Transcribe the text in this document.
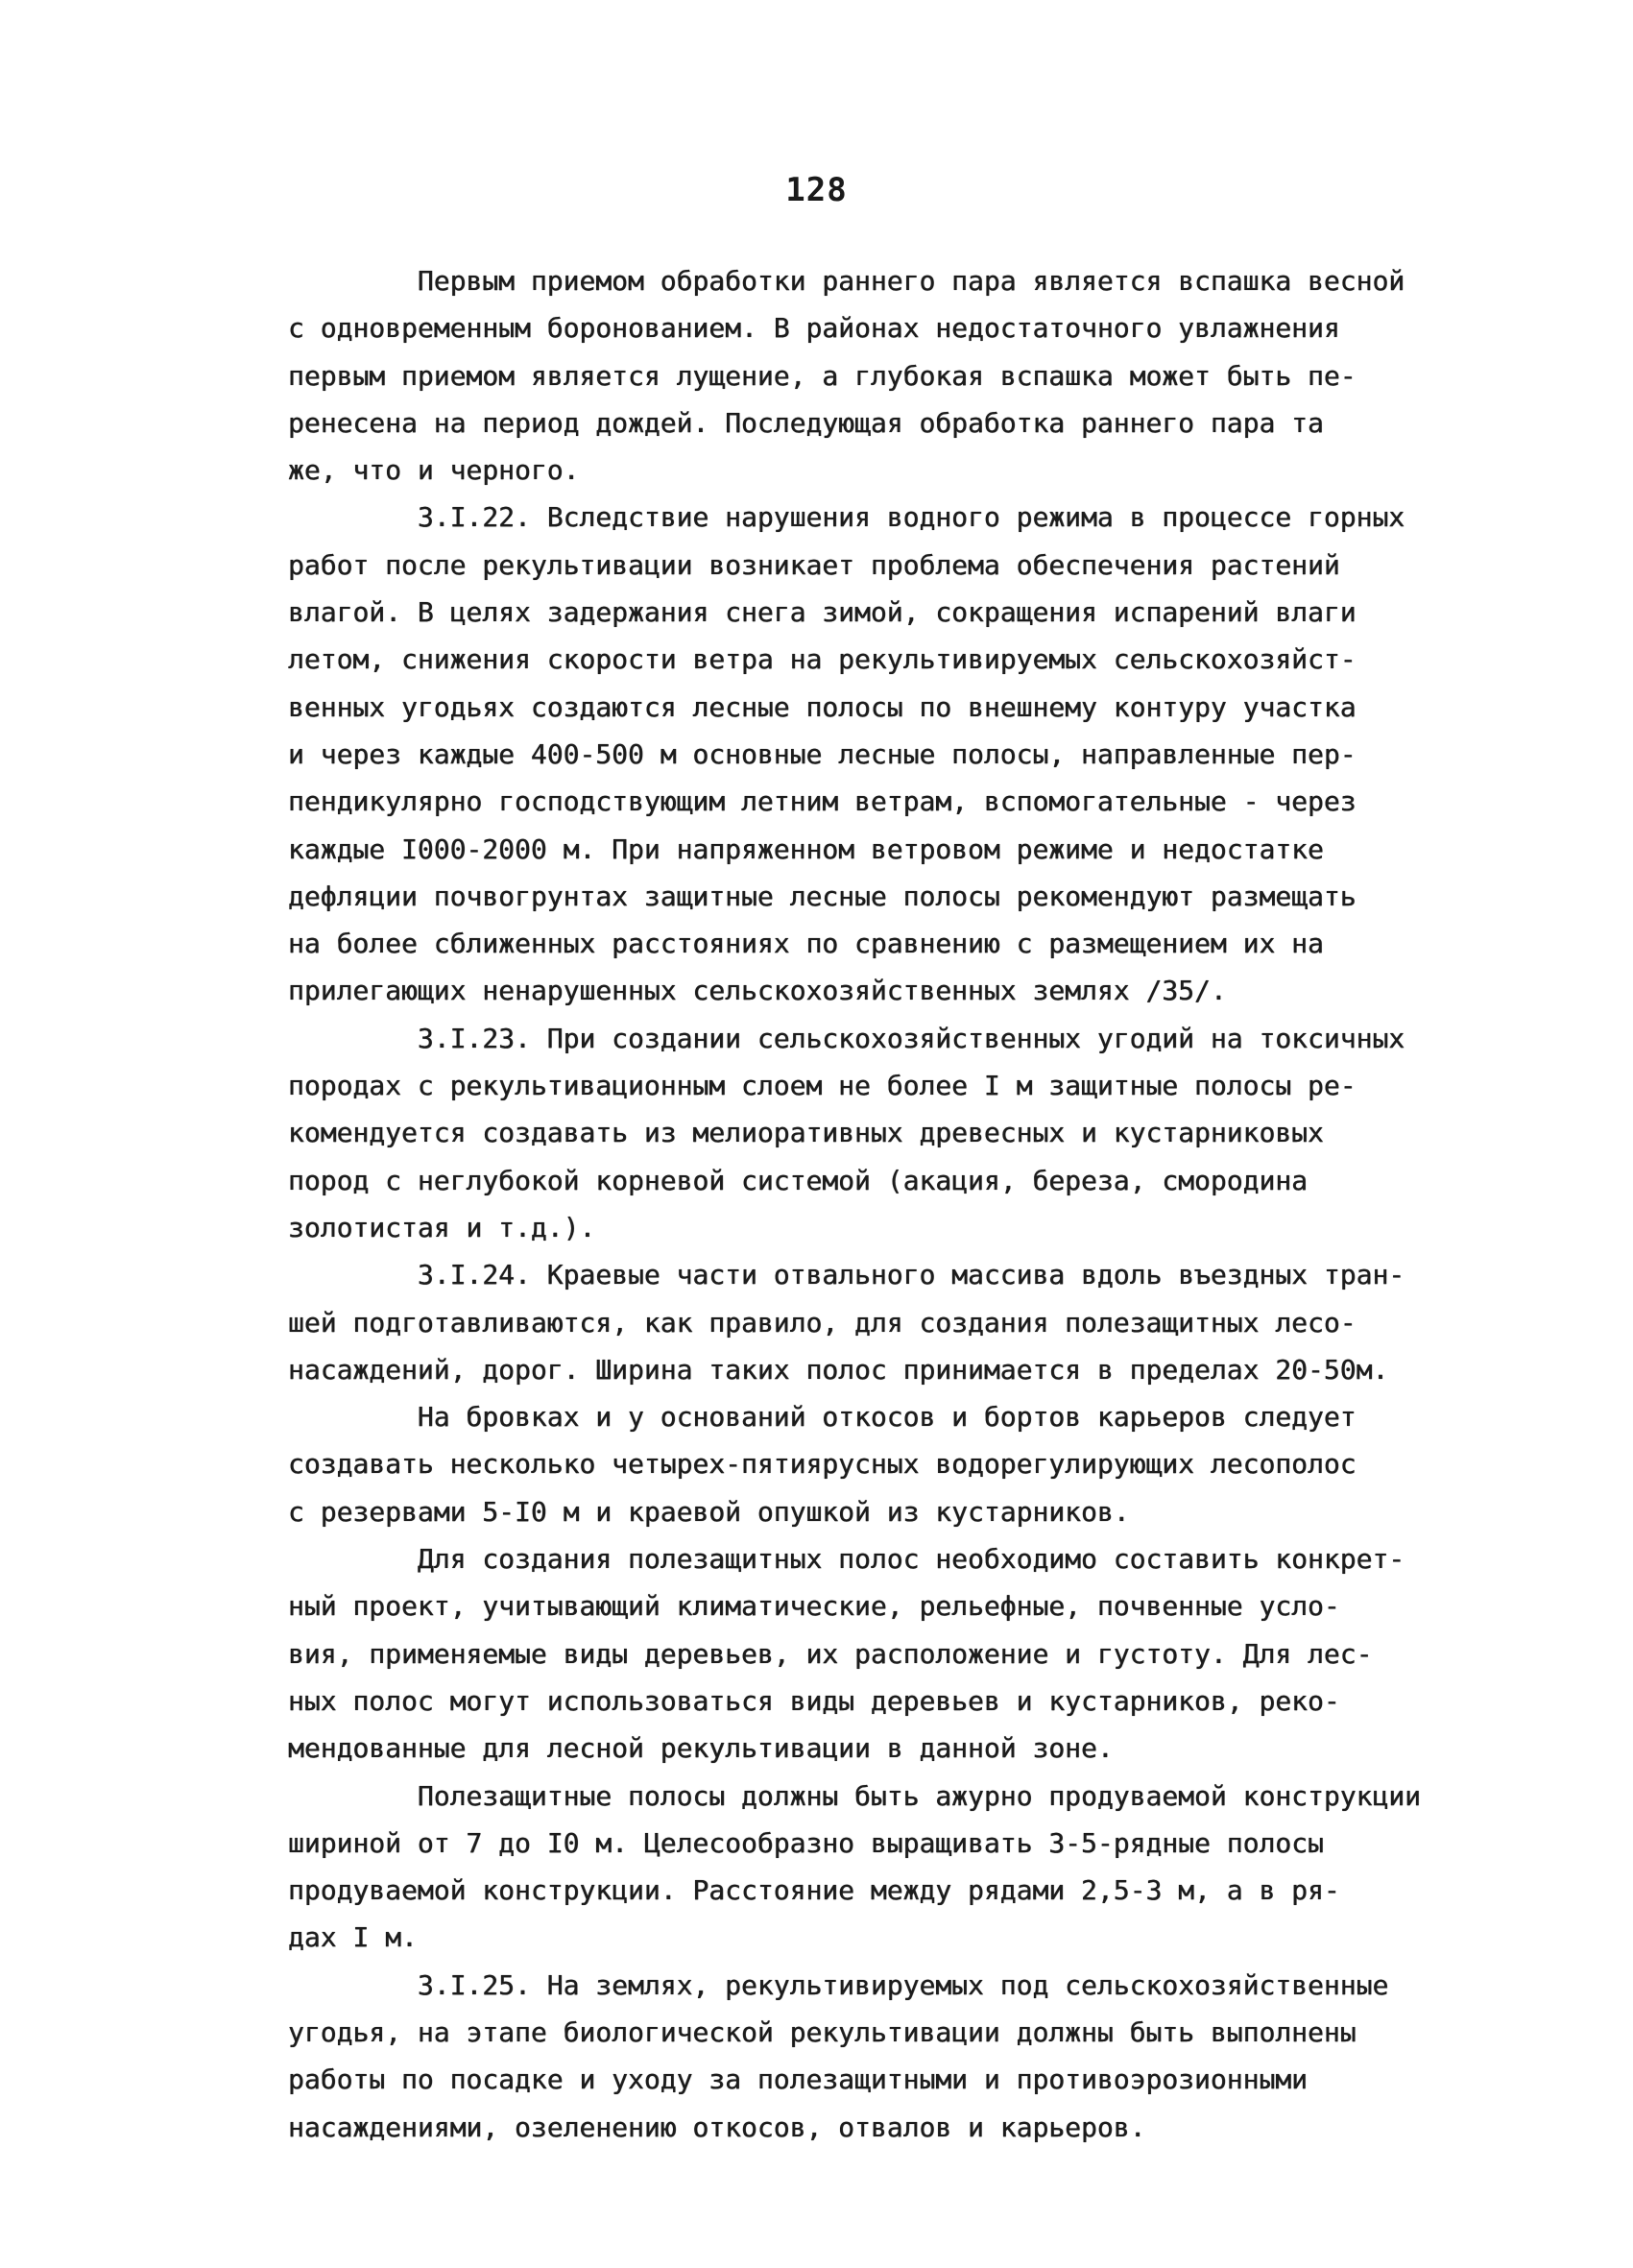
128

Первым приемом обработки раннего пара является вспашка весной
с одновременным боронованием. В районах недостаточного увлажнения
первым приемом является лущение, а глубокая вспашка может быть пе-
ренесена на период дождей. Последующая обработка раннего пара та
же, что и черного.

3.I.22. Вследствие нарушения водного режима в процессе горных
работ после рекультивации возникает проблема обеспечения растений
влагой. В целях задержания снега зимой, сокращения испарений влаги
летом, снижения скорости ветра на рекультивируемых сельскохозяйст-
венных угодьях создаются лесные полосы по внешнему контуру участка
и через каждые 400-500 м основные лесные полосы, направленные пер-
пендикулярно господствующим летним ветрам, вспомогательные - через
каждые I000-2000 м. При напряженном ветровом режиме и недостатке
дефляции почвогрунтах защитные лесные полосы рекомендуют размещать
на более сближенных расстояниях по сравнению с размещением их на
прилегающих ненарушенных сельскохозяйственных землях /35/.

3.I.23. При создании сельскохозяйственных угодий на токсичных
породах с рекультивационным слоем не более I м защитные полосы ре-
комендуется создавать из мелиоративных древесных и кустарниковых
пород с неглубокой корневой системой (акация, береза, смородина
золотистая и т.д.).

3.I.24. Краевые части отвального массива вдоль въездных тран-
шей подготавливаются, как правило, для создания полезащитных лесо-
насаждений, дорог. Ширина таких полос принимается в пределах 20-50м.

На бровках и у оснований откосов и бортов карьеров следует
создавать несколько четырех-пятиярусных водорегулирующих лесополос
с резервами 5-I0 м и краевой опушкой из кустарников.

Для создания полезащитных полос необходимо составить конкрет-
ный проект, учитывающий климатические, рельефные, почвенные усло-
вия, применяемые виды деревьев, их расположение и густоту. Для лес-
ных полос могут использоваться виды деревьев и кустарников, реко-
мендованные для лесной рекультивации в данной зоне.

Полезащитные полосы должны быть ажурно продуваемой конструкции
шириной от 7 до I0 м. Целесообразно выращивать 3-5-рядные полосы
продуваемой конструкции. Расстояние между рядами 2,5-3 м, а в ря-
дах I м.

3.I.25. На землях, рекультивируемых под сельскохозяйственные
угодья, на этапе биологической рекультивации должны быть выполнены
работы по посадке и уходу за полезащитными и противоэрозионными
насаждениями, озеленению откосов, отвалов и карьеров.
